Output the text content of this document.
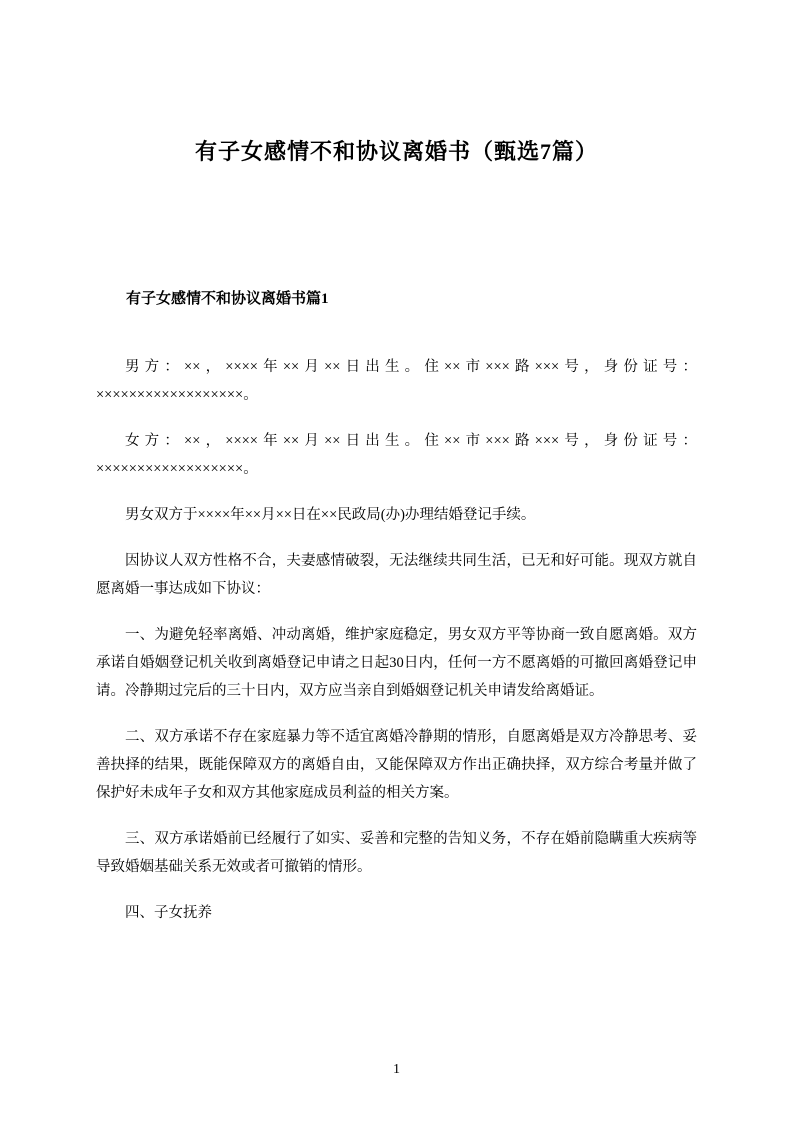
有子女感情不和协议离婚书（甄选7篇）
有子女感情不和协议离婚书篇1

男方：××，××××年××月××日出生。住××市×××路×××号，身份证号：××××××××××××××××××。

女方：××，××××年××月××日出生。住××市×××路×××号，身份证号：××××××××××××××××××。

男女双方于××××年××月××日在××民政局(办)办理结婚登记手续。

因协议人双方性格不合，夫妻感情破裂，无法继续共同生活，已无和好可能。现双方就自愿离婚一事达成如下协议：

一、为避免轻率离婚、冲动离婚，维护家庭稳定，男女双方平等协商一致自愿离婚。双方承诺自婚姻登记机关收到离婚登记申请之日起30日内，任何一方不愿离婚的可撤回离婚登记申请。冷静期过完后的三十日内，双方应当亲自到婚姻登记机关申请发给离婚证。

二、双方承诺不存在家庭暴力等不适宜离婚冷静期的情形，自愿离婚是双方冷静思考、妥善抉择的结果，既能保障双方的离婚自由，又能保障双方作出正确抉择，双方综合考量并做了保护好未成年子女和双方其他家庭成员利益的相关方案。

三、双方承诺婚前已经履行了如实、妥善和完整的告知义务，不存在婚前隐瞒重大疾病等导致婚姻基础关系无效或者可撤销的情形。

四、子女抚养

1
